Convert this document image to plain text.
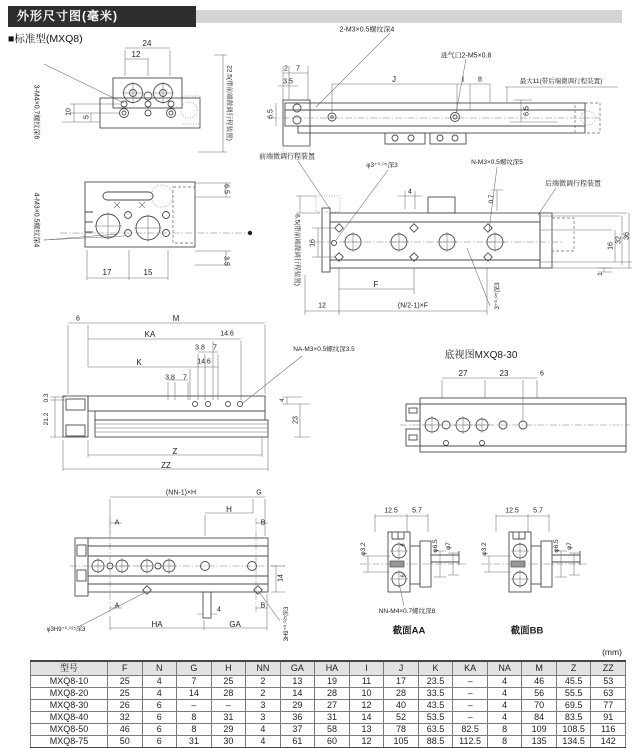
外形尺寸图(毫米)
■标准型(MXQ8)	24
12
3-M4×0.7螺纹深6	10
5	22.5(带前端微调行程装置)
2-M3×0.5螺纹深4
进气口2-M5×0.8
2 7
3.5	J	I 8	最大11(带后端微调行程装置)
6.5
6.5
4-M3×0.5螺纹深4
17	15
6.5
3.5
前端微调行程装置
φ3⁺⁰·⁰⁵深3	N-M3×0.5螺纹深5
后端微调行程装置
4
0.7
16	16
32
36
1
F
(N/2-1)×F
12	3⁺⁰·⁰⁵深3
6.5(带前端微调行程装置)
6	M
KA	14.6
3.8 7
K	14.6
3.8 7
NA-M3×0.5螺纹深3.5
4
23
0.3
21.2
Z
ZZ
底视图MXQ8-30
27	23	6
(NN-1)×H	G
H
A	B
14
A	B
4
HA	GA
φ3H9⁺⁰·⁰²⁵深3	3H9⁺⁰·⁰²⁵深3
12.5 5.7
φ3.2	6
6
φ6.5 φ7
NN-M4×0.7螺纹深8
截面AA
12.5 5.7
φ3.2	φ6.5 φ7
截面BB
(mm)
型号	F	N	G	H	NN	GA	HA	I	J	K	KA	NA	M	Z	ZZ
MXQ8-10	25	4	7	25	2	13	19	11	17	23.5	–	4	46	45.5	53
MXQ8-20	25	4	14	28	2	14	28	10	28	33.5	–	4	56	55.5	63
MXQ8-30	26	6	–	–	3	29	27	12	40	43.5	–	4	70	69.5	77
MXQ8-40	32	6	8	31	3	36	31	14	52	53.5	–	4	84	83.5	91
MXQ8-50	46	6	8	29	4	37	58	13	78	63.5	82.5	8	109	108.5	116
MXQ8-75	50	6	31	30	4	61	60	12	105	88.5	112.5	8	135	134.5	142
